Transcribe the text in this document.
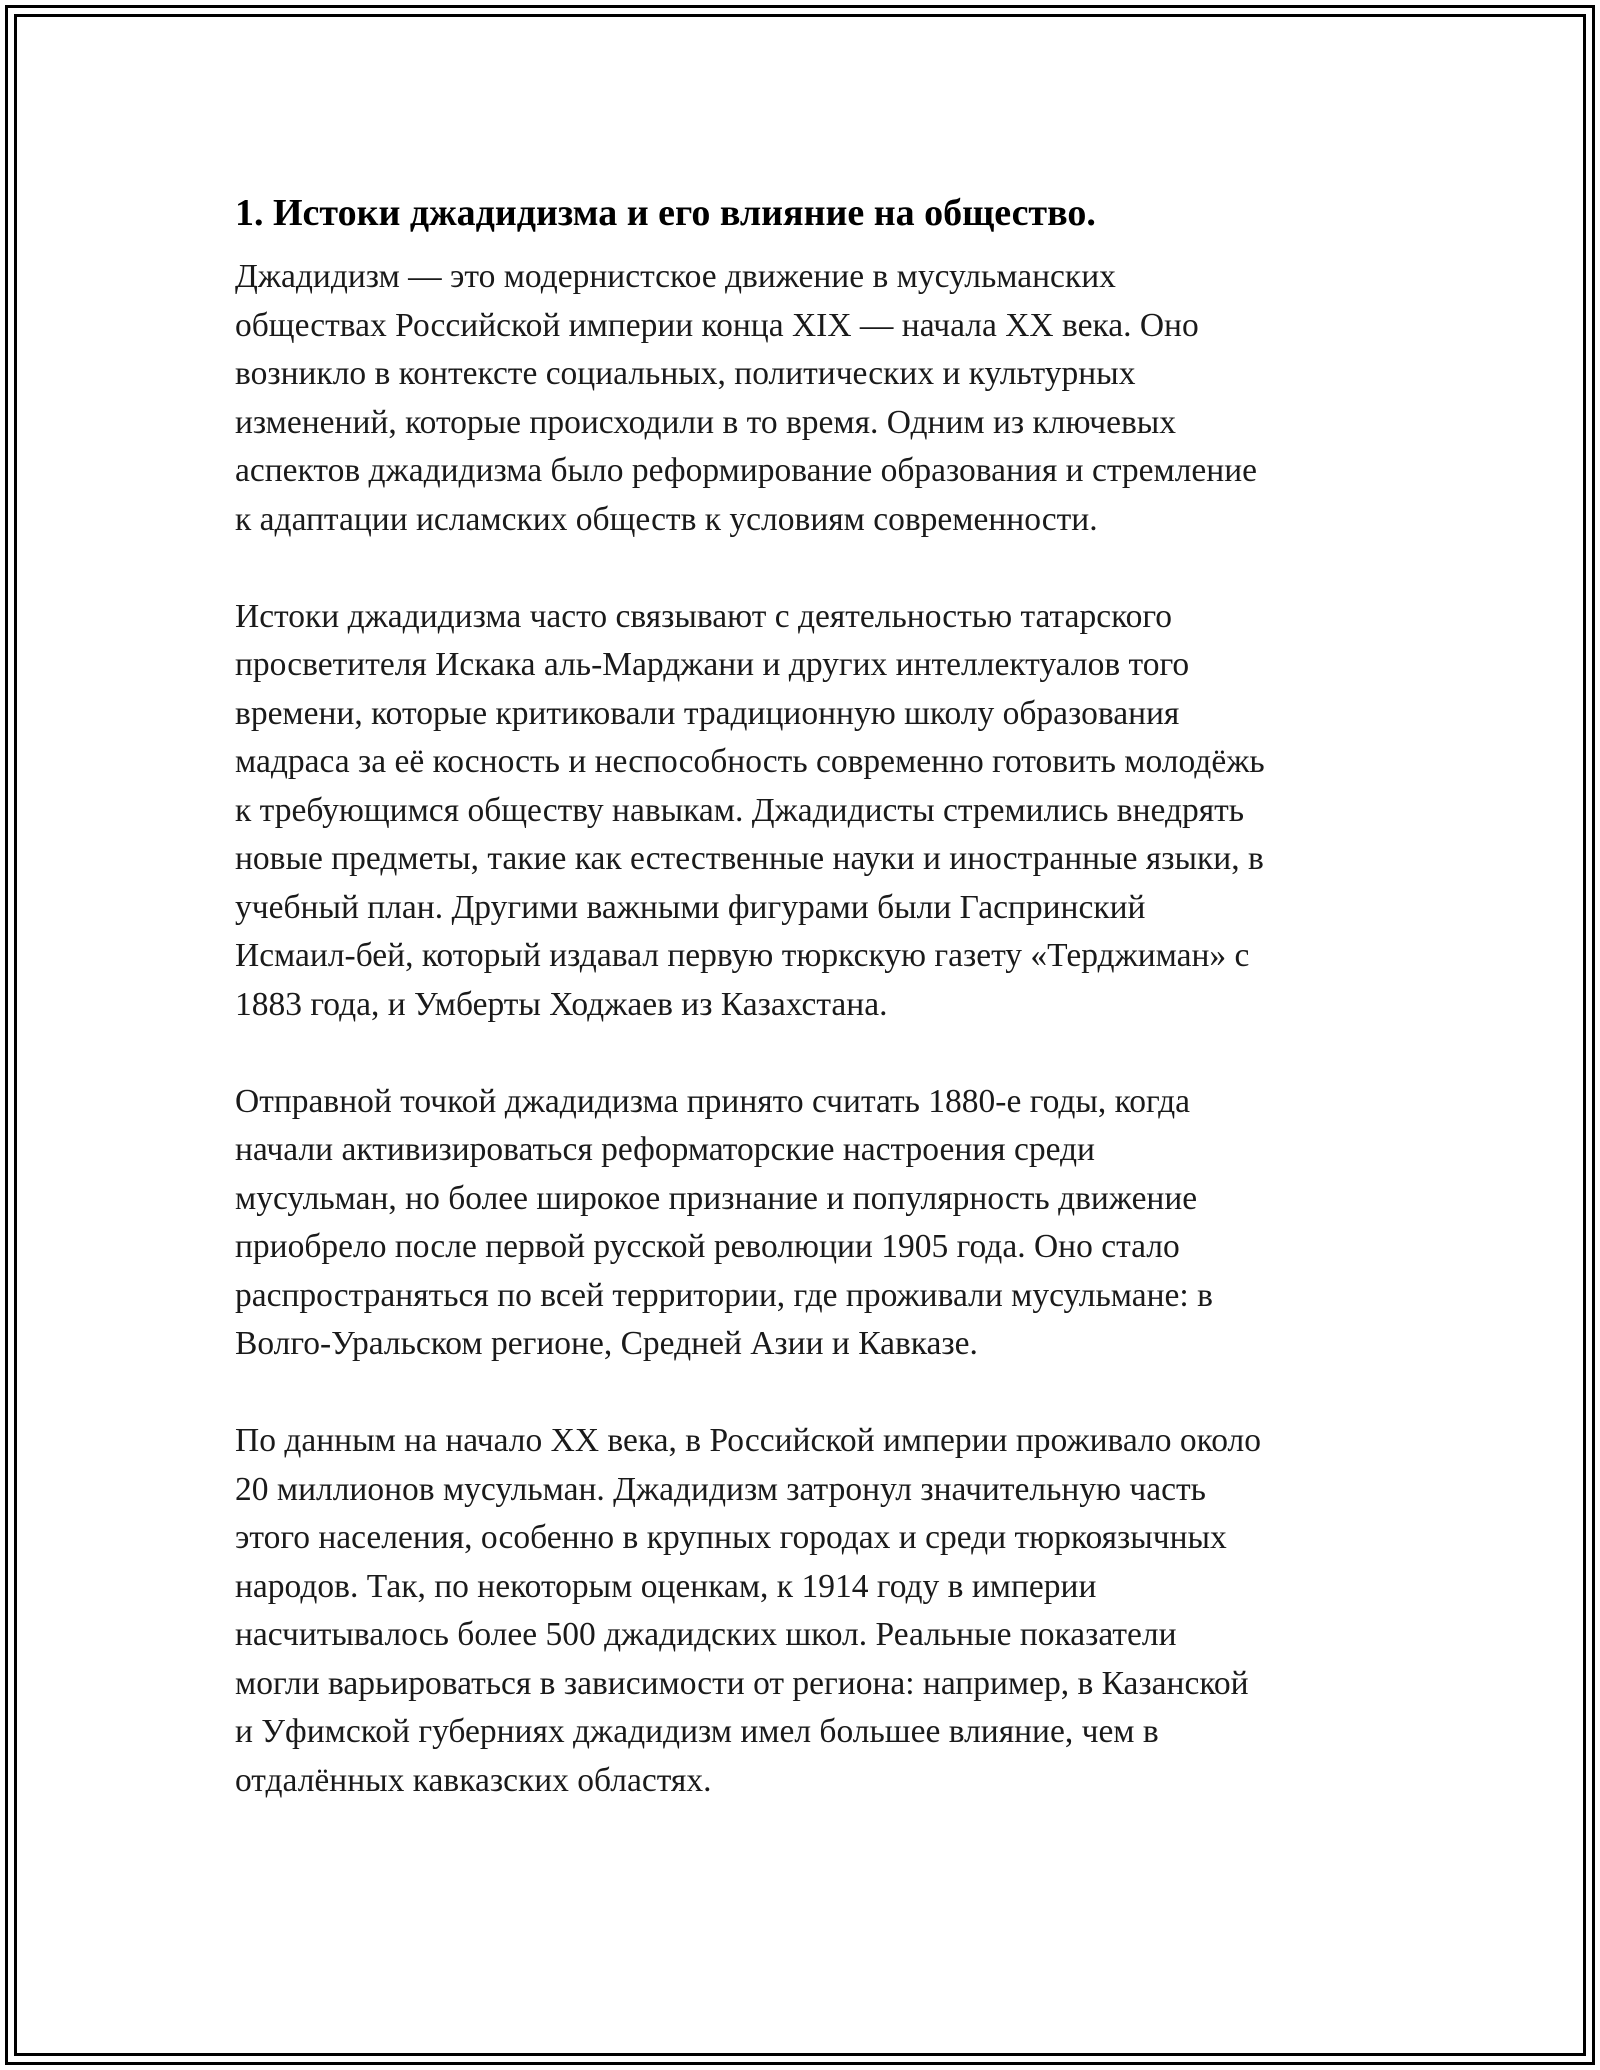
1. Истоки джадидизма и его влияние на общество.
Джадидизм — это модернистское движение в мусульманских
обществах Российской империи конца XIX — начала XX века. Оно
возникло в контексте социальных, политических и культурных
изменений, которые происходили в то время. Одним из ключевых
аспектов джадидизма было реформирование образования и стремление
к адаптации исламских обществ к условиям современности.
Истоки джадидизма часто связывают с деятельностью татарского
просветителя Искака аль-Марджани и других интеллектуалов того
времени, которые критиковали традиционную школу образования
мадраса за её косность и неспособность современно готовить молодёжь
к требующимся обществу навыкам. Джадидисты стремились внедрять
новые предметы, такие как естественные науки и иностранные языки, в
учебный план. Другими важными фигурами были Гаспринский
Исмаил-бей, который издавал первую тюркскую газету «Терджиман» с
1883 года, и Умберты Ходжаев из Казахстана.
Отправной точкой джадидизма принято считать 1880-е годы, когда
начали активизироваться реформаторские настроения среди
мусульман, но более широкое признание и популярность движение
приобрело после первой русской революции 1905 года. Оно стало
распространяться по всей территории, где проживали мусульмане: в
Волго-Уральском регионе, Средней Азии и Кавказе.
По данным на начало XX века, в Российской империи проживало около
20 миллионов мусульман. Джадидизм затронул значительную часть
этого населения, особенно в крупных городах и среди тюркоязычных
народов. Так, по некоторым оценкам, к 1914 году в империи
насчитывалось более 500 джадидских школ. Реальные показатели
могли варьироваться в зависимости от региона: например, в Казанской
и Уфимской губерниях джадидизм имел большее влияние, чем в
отдалённых кавказских областях.
